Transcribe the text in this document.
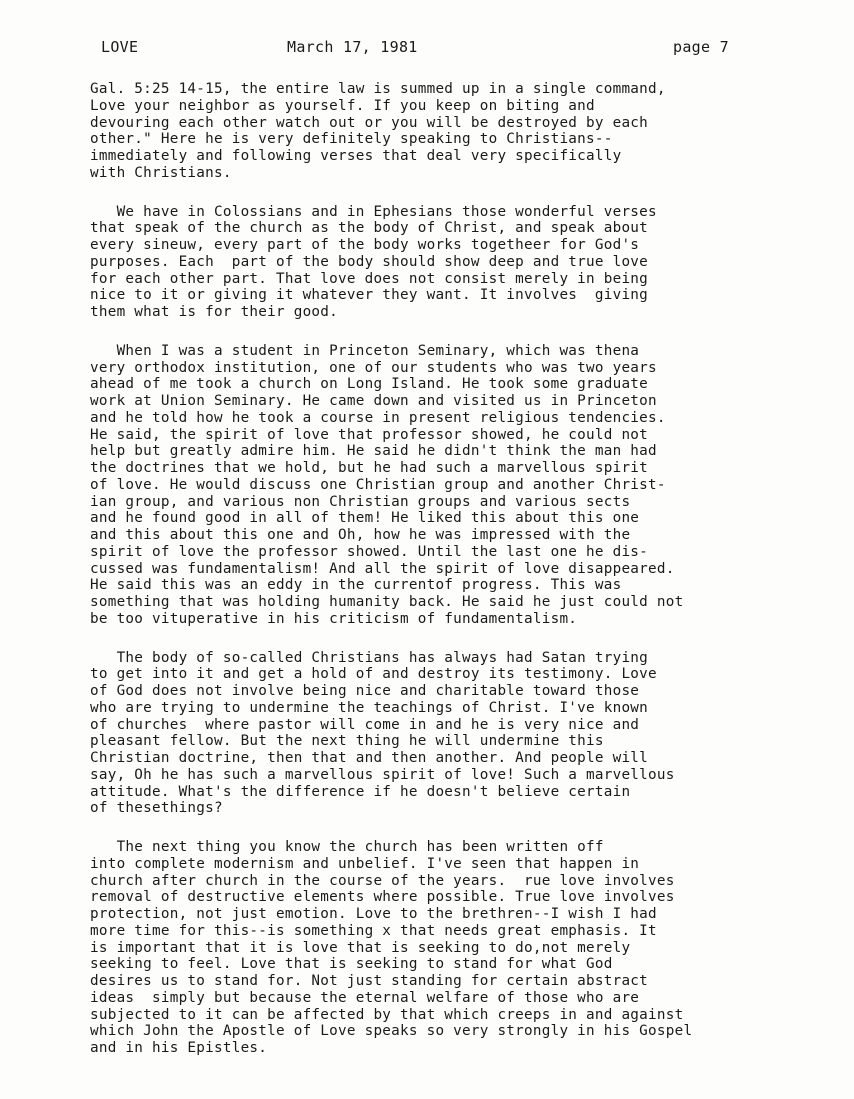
LOVE	March 17, 1981	page 7
Gal. 5:25 14-15, the entire law is summed up in a single command,
Love your neighbor as yourself. If you keep on biting and
devouring each other watch out or you will be destroyed by each
other." Here he is very definitely speaking to Christians--
immediately and following verses that deal very specifically
with Christians.
We have in Colossians and in Ephesians those wonderful verses
that speak of the church as the body of Christ, and speak about
every sineuw, every part of the body works togetheer for God's
purposes. Each  part of the body should show deep and true love
for each other part. That love does not consist merely in being
nice to it or giving it whatever they want. It involves  giving
them what is for their good.
When I was a student in Princeton Seminary, which was thena
very orthodox institution, one of our students who was two years
ahead of me took a church on Long Island. He took some graduate
work at Union Seminary. He came down and visited us in Princeton
and he told how he took a course in present religious tendencies.
He said, the spirit of love that professor showed, he could not
help but greatly admire him. He said he didn't think the man had
the doctrines that we hold, but he had such a marvellous spirit
of love. He would discuss one Christian group and another Christ-
ian group, and various non Christian groups and various sects
and he found good in all of them! He liked this about this one
and this about this one and Oh, how he was impressed with the
spirit of love the professor showed. Until the last one he dis-
cussed was fundamentalism! And all the spirit of love disappeared.
He said this was an eddy in the currentof progress. This was
something that was holding humanity back. He said he just could not
be too vituperative in his criticism of fundamentalism.
The body of so-called Christians has always had Satan trying
to get into it and get a hold of and destroy its testimony. Love
of God does not involve being nice and charitable toward those
who are trying to undermine the teachings of Christ. I've known
of churches  where pastor will come in and he is very nice and
pleasant fellow. But the next thing he will undermine this
Christian doctrine, then that and then another. And people will
say, Oh he has such a marvellous spirit of love! Such a marvellous
attitude. What's the difference if he doesn't believe certain
of thesethings?
The next thing you know the church has been written off
into complete modernism and unbelief. I've seen that happen in
church after church in the course of the years.  rue love involves
removal of destructive elements where possible. True love involves
protection, not just emotion. Love to the brethren--I wish I had
more time for this--is something x that needs great emphasis. It
is important that it is love that is seeking to do,not merely
seeking to feel. Love that is seeking to stand for what God
desires us to stand for. Not just standing for certain abstract
ideas  simply but because the eternal welfare of those who are
subjected to it can be affected by that which creeps in and against
which John the Apostle of Love speaks so very strongly in his Gospel
and in his Epistles.
